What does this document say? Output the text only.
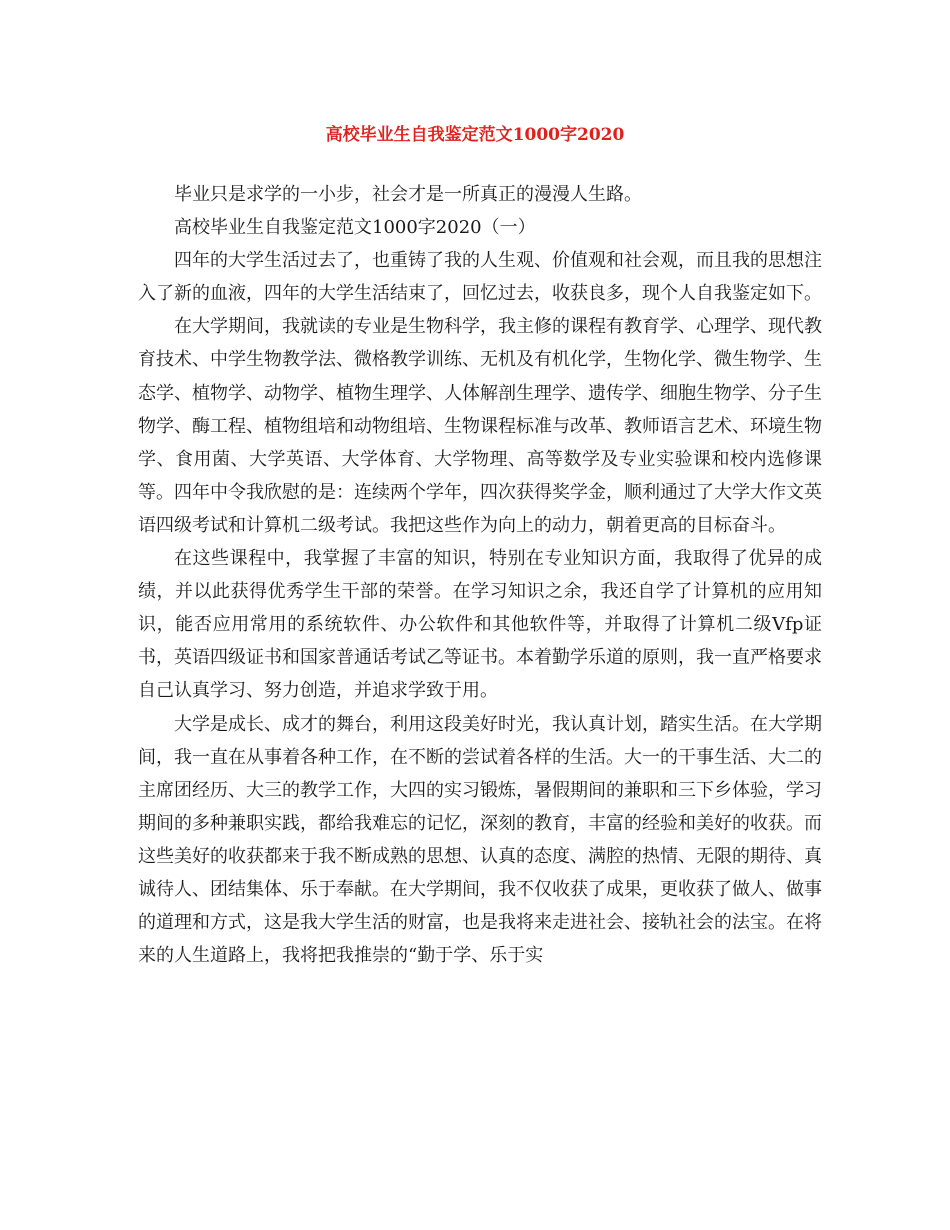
高校毕业生自我鉴定范文1000字2020

毕业只是求学的一小步，社会才是一所真正的漫漫人生路。

高校毕业生自我鉴定范文1000字2020（一）

四年的大学生活过去了，也重铸了我的人生观、价值观和社会观，而且我的思想注入了新的血液，四年的大学生活结束了，回忆过去，收获良多，现个人自我鉴定如下。

在大学期间，我就读的专业是生物科学，我主修的课程有教育学、心理学、现代教育技术、中学生物教学法、微格教学训练、无机及有机化学，生物化学、微生物学、生态学、植物学、动物学、植物生理学、人体解剖生理学、遗传学、细胞生物学、分子生物学、酶工程、植物组培和动物组培、生物课程标准与改革、教师语言艺术、环境生物学、食用菌、大学英语、大学体育、大学物理、高等数学及专业实验课和校内选修课等。四年中令我欣慰的是：连续两个学年，四次获得奖学金，顺利通过了大学大作文英语四级考试和计算机二级考试。我把这些作为向上的动力，朝着更高的目标奋斗。

在这些课程中，我掌握了丰富的知识，特别在专业知识方面，我取得了优异的成绩，并以此获得优秀学生干部的荣誉。在学习知识之余，我还自学了计算机的应用知识，能否应用常用的系统软件、办公软件和其他软件等，并取得了计算机二级Vfp证书，英语四级证书和国家普通话考试乙等证书。本着勤学乐道的原则，我一直严格要求自己认真学习、努力创造，并追求学致于用。

大学是成长、成才的舞台，利用这段美好时光，我认真计划，踏实生活。在大学期间，我一直在从事着各种工作，在不断的尝试着各样的生活。大一的干事生活、大二的主席团经历、大三的教学工作，大四的实习锻炼，暑假期间的兼职和三下乡体验，学习期间的多种兼职实践，都给我难忘的记忆，深刻的教育，丰富的经验和美好的收获。而这些美好的收获都来于我不断成熟的思想、认真的态度、满腔的热情、无限的期待、真诚待人、团结集体、乐于奉献。在大学期间，我不仅收获了成果，更收获了做人、做事的道理和方式，这是我大学生活的财富，也是我将来走进社会、接轨社会的法宝。在将来的人生道路上，我将把我推崇的“勤于学、乐于实
